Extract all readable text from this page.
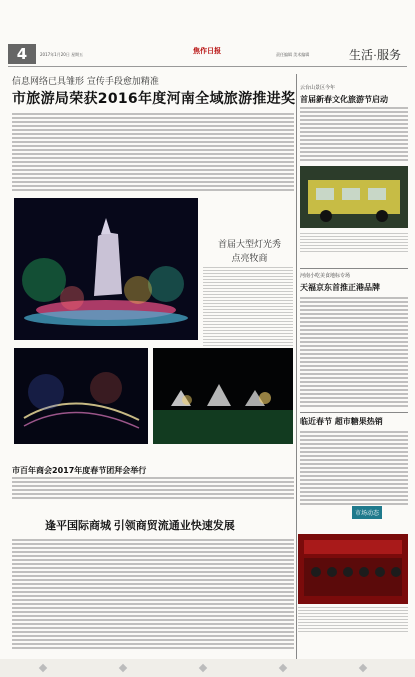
4	2017年1月20日 星期五	焦作日报	责任编辑 美术编辑	生活·服务
信息网络已具雏形 宣传手段愈加精准
市旅游局荣获2016年度河南全域旅游推进奖
首届大型灯光秀
点亮牧商
市百年商会2017年度春节团拜会举行
逢平国际商城 引领商贸流通业快速发展
云台山景区今年
首届新春文化旅游节启动
河南小吃美食地标专场
天福京东首推正港品牌
临近春节 超市糖果热销
市场动态
